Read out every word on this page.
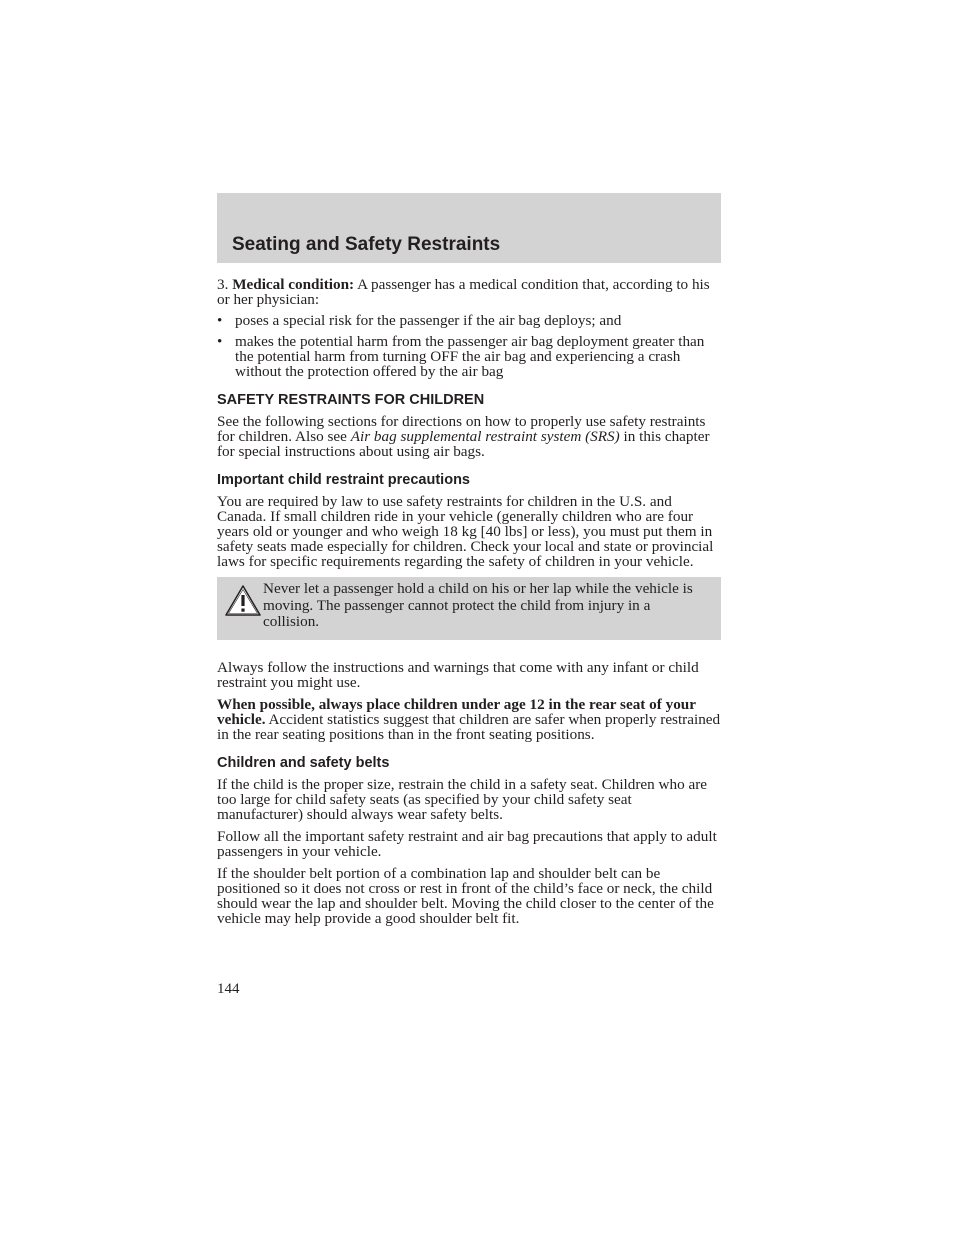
Seating and Safety Restraints

3. Medical condition: A passenger has a medical condition that, according to his or her physician:

• poses a special risk for the passenger if the air bag deploys; and
• makes the potential harm from the passenger air bag deployment greater than the potential harm from turning OFF the air bag and experiencing a crash without the protection offered by the air bag
SAFETY RESTRAINTS FOR CHILDREN

See the following sections for directions on how to properly use safety restraints for children. Also see Air bag supplemental restraint system (SRS) in this chapter for special instructions about using air bags.

Important child restraint precautions

You are required by law to use safety restraints for children in the U.S. and Canada. If small children ride in your vehicle (generally children who are four years old or younger and who weigh 18 kg [40 lbs] or less), you must put them in safety seats made especially for children. Check your local and state or provincial laws for specific requirements regarding the safety of children in your vehicle.

Never let a passenger hold a child on his or her lap while the vehicle is moving. The passenger cannot protect the child from injury in a collision.

Always follow the instructions and warnings that come with any infant or child restraint you might use.

When possible, always place children under age 12 in the rear seat of your vehicle. Accident statistics suggest that children are safer when properly restrained in the rear seating positions than in the front seating positions.

Children and safety belts

If the child is the proper size, restrain the child in a safety seat. Children who are too large for child safety seats (as specified by your child safety seat manufacturer) should always wear safety belts.

Follow all the important safety restraint and air bag precautions that apply to adult passengers in your vehicle.

If the shoulder belt portion of a combination lap and shoulder belt can be positioned so it does not cross or rest in front of the child’s face or neck, the child should wear the lap and shoulder belt. Moving the child closer to the center of the vehicle may help provide a good shoulder belt fit.

144
